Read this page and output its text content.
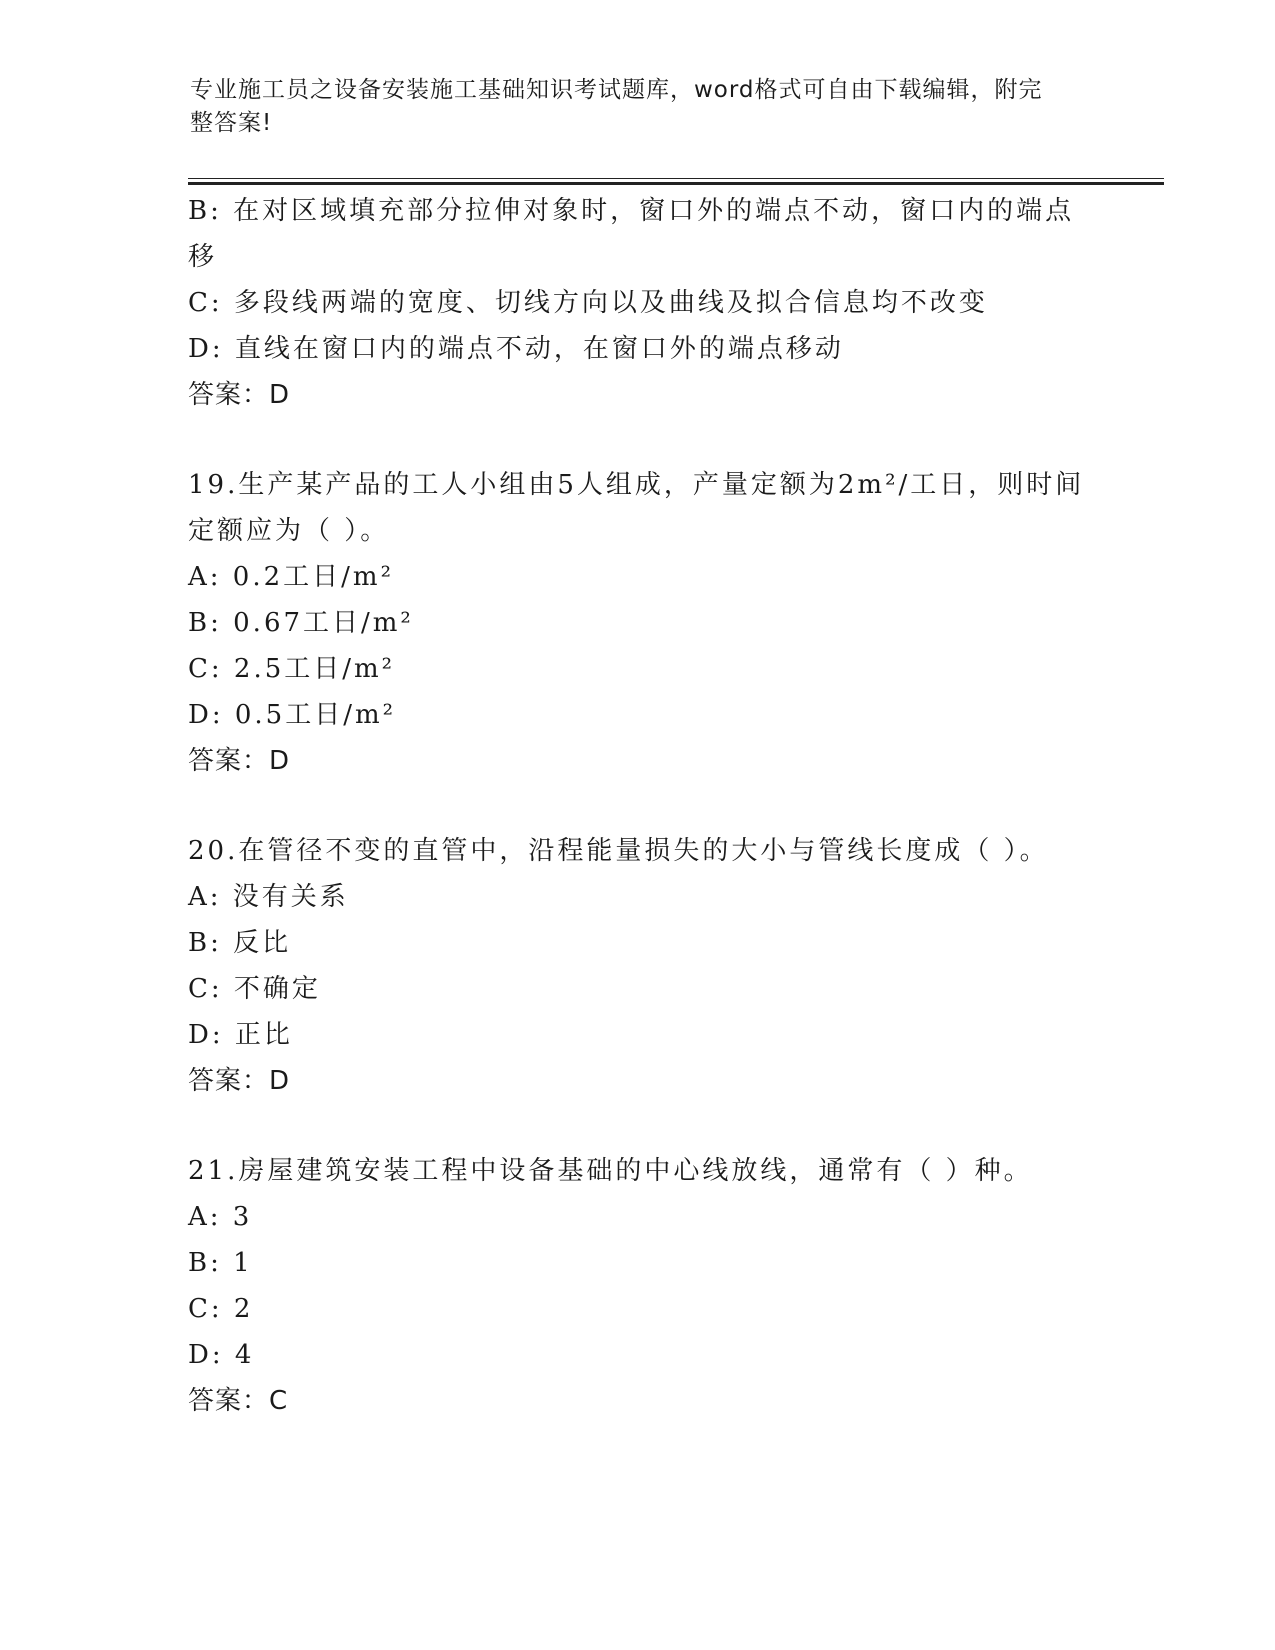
专业施工员之设备安装施工基础知识考试题库，word格式可自由下载编辑，附完
整答案!
B: 在对区域填充部分拉伸对象时，窗口外的端点不动，窗口内的端点
移
C: 多段线两端的宽度、切线方向以及曲线及拟合信息均不改变
D: 直线在窗口内的端点不动，在窗口外的端点移动
答案：D
19.生产某产品的工人小组由5人组成，产量定额为2m²/工日，则时间
定额应为（ ）。
A: 0.2工日/m²
B: 0.67工日/m²
C: 2.5工日/m²
D: 0.5工日/m²
答案：D
20.在管径不变的直管中，沿程能量损失的大小与管线长度成（ ）。
A: 没有关系
B: 反比
C: 不确定
D: 正比
答案：D
21.房屋建筑安装工程中设备基础的中心线放线，通常有（ ）种。
A: 3
B: 1
C: 2
D: 4
答案：C
